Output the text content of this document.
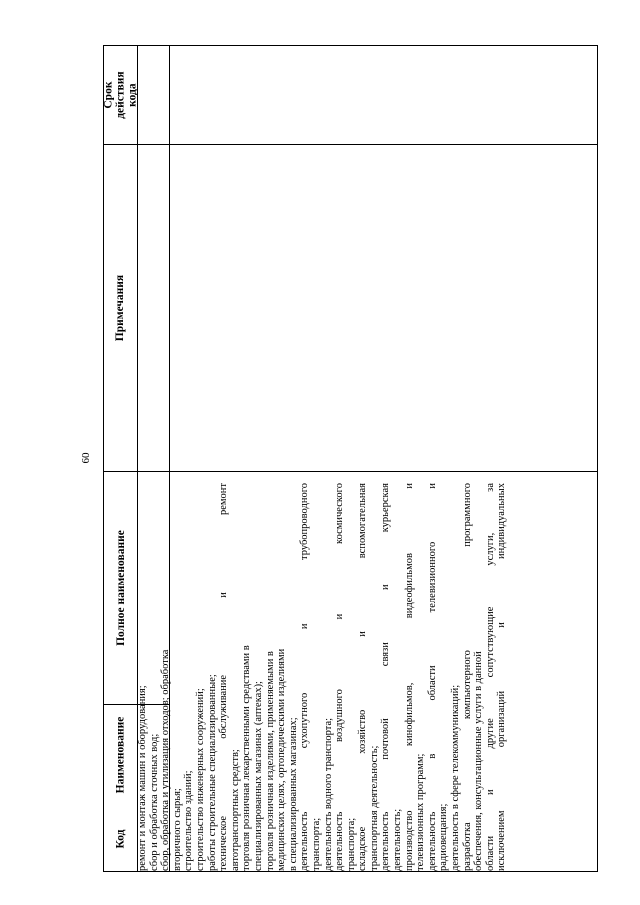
60
Код
Наименование
Полное наименование
Примечания
Срок действия кода
ремонт и монтаж машин и оборудования; сбор и обработка сточных вод; сбор, обработка и утилизация отходов; обработка вторичного сырья; строительство зданий; строительство инженерных сооружений; работы строительные специализированные; техническое
обслуживание
и
ремонт
автотранспортных средств; торговля розничная лекарственными средствами в специализированных магазинах (аптеках); торговля розничная изделиями, применяемыми в медицинских целях, ортопедическими изделиями в специализированных магазинах; деятельность
сухопутного
и
трубопроводного
транспорта; деятельность водного транспорта; деятельность
воздушного
и
космического
транспорта; складское
хозяйство
и
вспомогательная
транспортная деятельность; деятельность
почтовой
связи
и
курьерская
деятельность; производство
кинофильмов,
видеофильмов
и
телевизионных программ; деятельность
в
области
телевизионного
и
радиовещания; деятельность в сфере телекоммуникаций; разработка
компьютерного
программного
обеспечения, консультационные услуги в данной области
и
другие
сопутствующие
услуги,
за
исключением
организаций
и
индивидуальных
